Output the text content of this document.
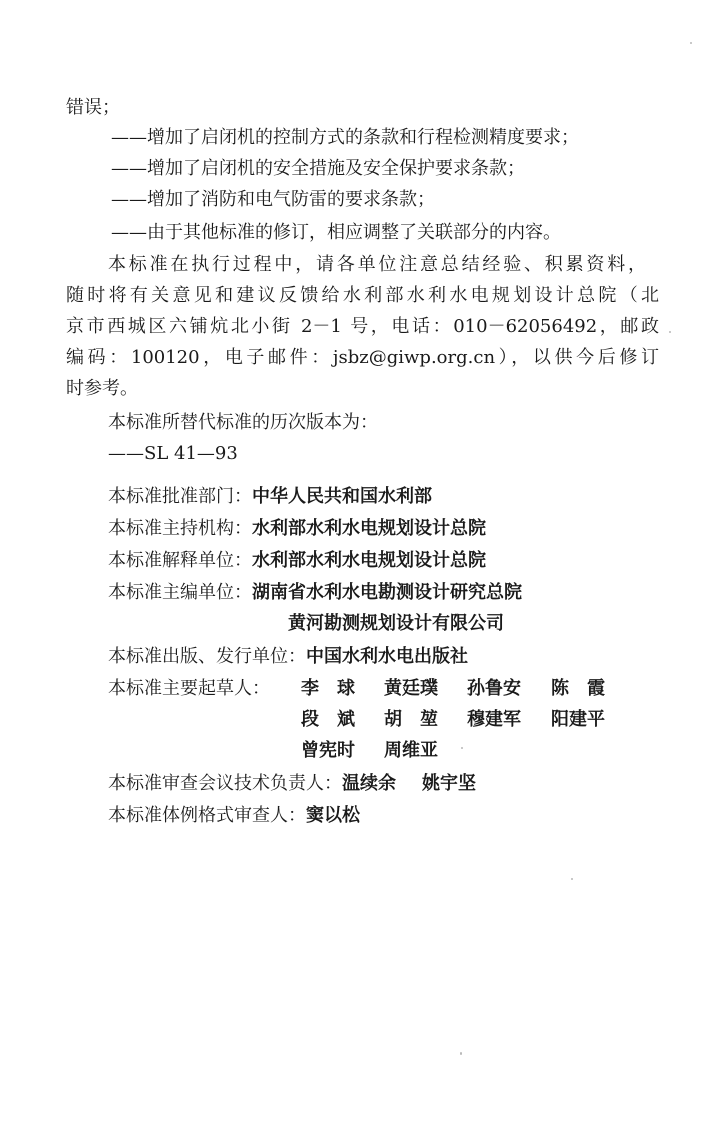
错误；
——增加了启闭机的控制方式的条款和行程检测精度要求；
——增加了启闭机的安全措施及安全保护要求条款；
——增加了消防和电气防雷的要求条款；
——由于其他标准的修订，相应调整了关联部分的内容。
本标准在执行过程中，请各单位注意总结经验、积累资料，
随时将有关意见和建议反馈给水利部水利水电规划设计总院（北
京市西城区六铺炕北小街 2－1 号，电话：010－62056492，邮政
编码：100120，电子邮件：jsbz@giwp.org.cn），以供今后修订
时参考。
本标准所替代标准的历次版本为：
——SL 41—93
本标准批准部门：中华人民共和国水利部
本标准主持机构：水利部水利水电规划设计总院
本标准解释单位：水利部水利水电规划设计总院
本标准主编单位：湖南省水利水电勘测设计研究总院
黄河勘测规划设计有限公司
本标准出版、发行单位：中国水利水电出版社
本标准主要起草人： 李　球 黄廷璞 孙鲁安 陈　霞
段　斌 胡　堃 穆建军 阳建平
曾宪时 周维亚
本标准审查会议技术负责人：温续余 姚宇坚
本标准体例格式审查人：窦以松
